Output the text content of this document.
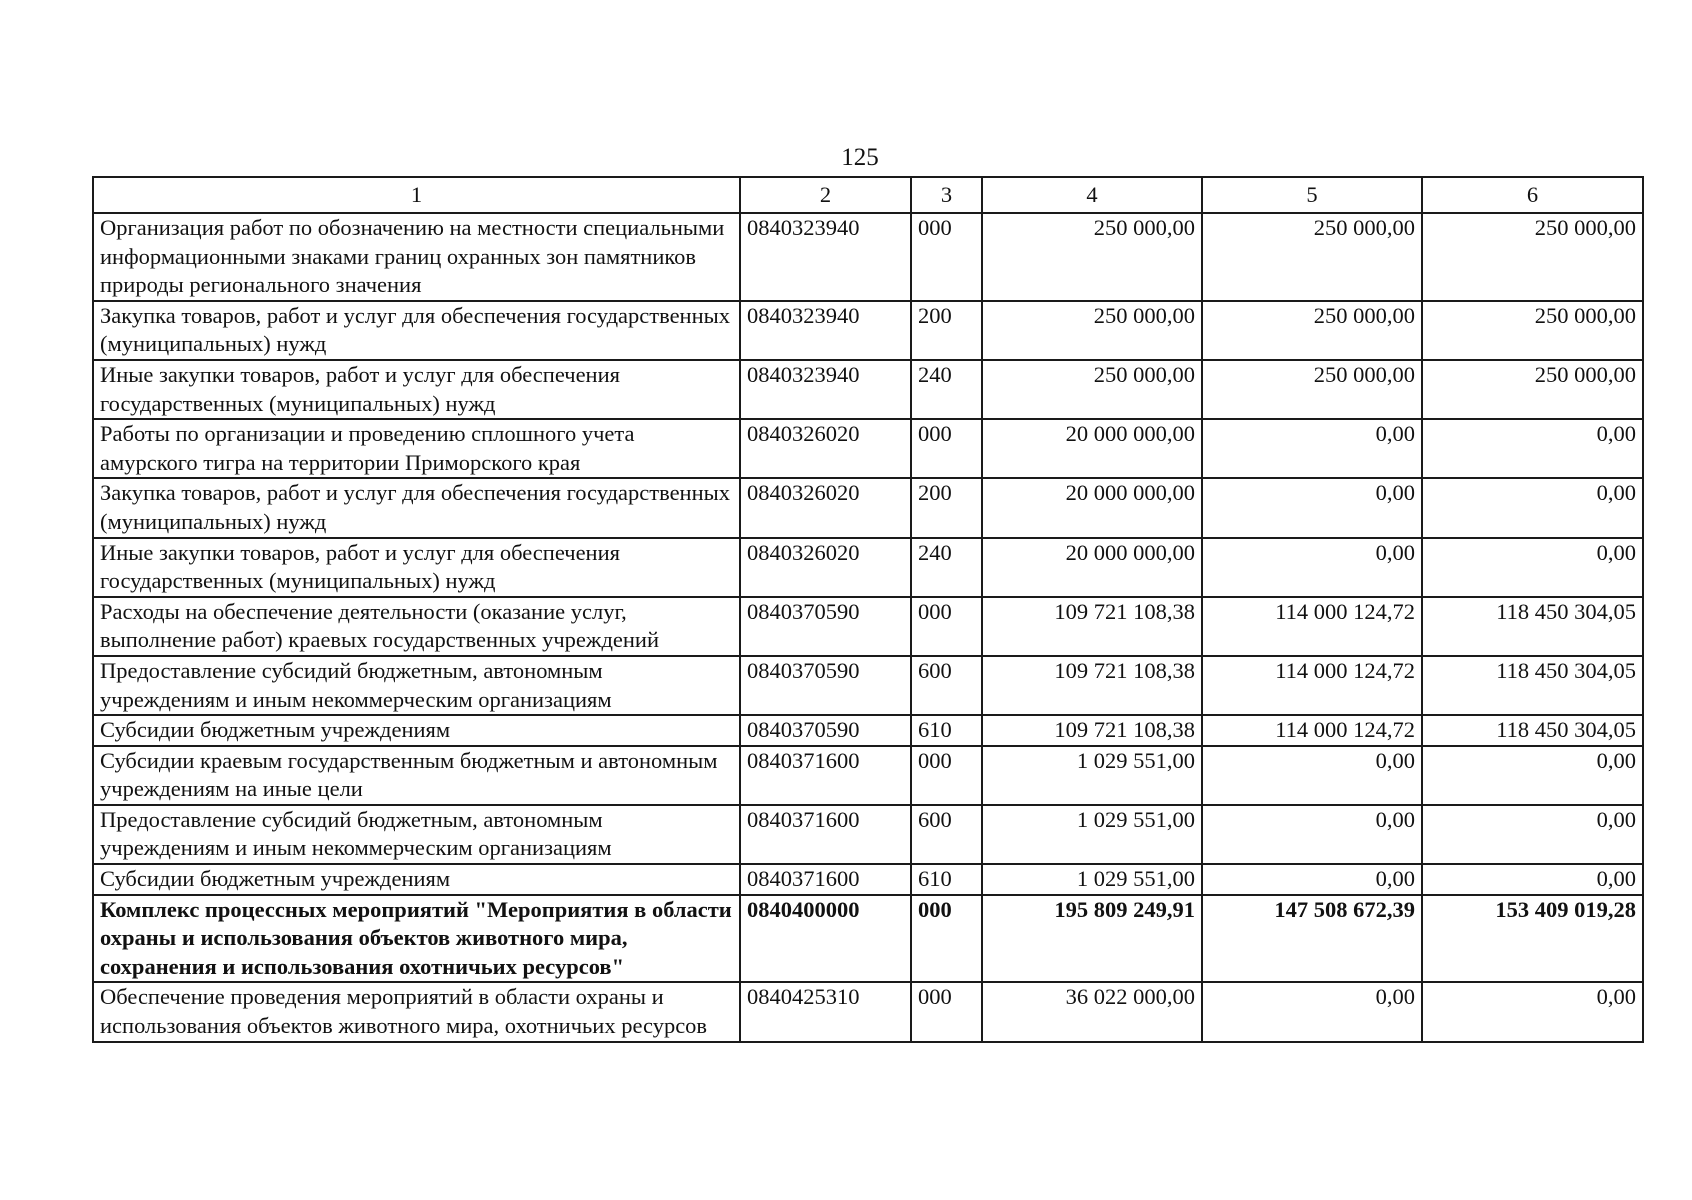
125
1	2	3	4	5	6
Организация работ по обозначению на местности специальными информационными знаками границ охранных зон памятников природы регионального значения	0840323940	000	250 000,00	250 000,00	250 000,00
Закупка товаров, работ и услуг для обеспечения государственных (муниципальных) нужд	0840323940	200	250 000,00	250 000,00	250 000,00
Иные закупки товаров, работ и услуг для обеспечения государственных (муниципальных) нужд	0840323940	240	250 000,00	250 000,00	250 000,00
Работы по организации и проведению сплошного учета амурского тигра на территории Приморского края	0840326020	000	20 000 000,00	0,00	0,00
Закупка товаров, работ и услуг для обеспечения государственных (муниципальных) нужд	0840326020	200	20 000 000,00	0,00	0,00
Иные закупки товаров, работ и услуг для обеспечения государственных (муниципальных) нужд	0840326020	240	20 000 000,00	0,00	0,00
Расходы на обеспечение деятельности (оказание услуг, выполнение работ) краевых государственных учреждений	0840370590	000	109 721 108,38	114 000 124,72	118 450 304,05
Предоставление субсидий бюджетным, автономным учреждениям и иным некоммерческим организациям	0840370590	600	109 721 108,38	114 000 124,72	118 450 304,05
Субсидии бюджетным учреждениям	0840370590	610	109 721 108,38	114 000 124,72	118 450 304,05
Субсидии краевым государственным бюджетным и автономным учреждениям на иные цели	0840371600	000	1 029 551,00	0,00	0,00
Предоставление субсидий бюджетным, автономным учреждениям и иным некоммерческим организациям	0840371600	600	1 029 551,00	0,00	0,00
Субсидии бюджетным учреждениям	0840371600	610	1 029 551,00	0,00	0,00
Комплекс процессных мероприятий "Мероприятия в области охраны и использования объектов животного мира, сохранения и использования охотничьих ресурсов"	0840400000	000	195 809 249,91	147 508 672,39	153 409 019,28
Обеспечение проведения мероприятий в области охраны и использования объектов животного мира, охотничьих ресурсов	0840425310	000	36 022 000,00	0,00	0,00
